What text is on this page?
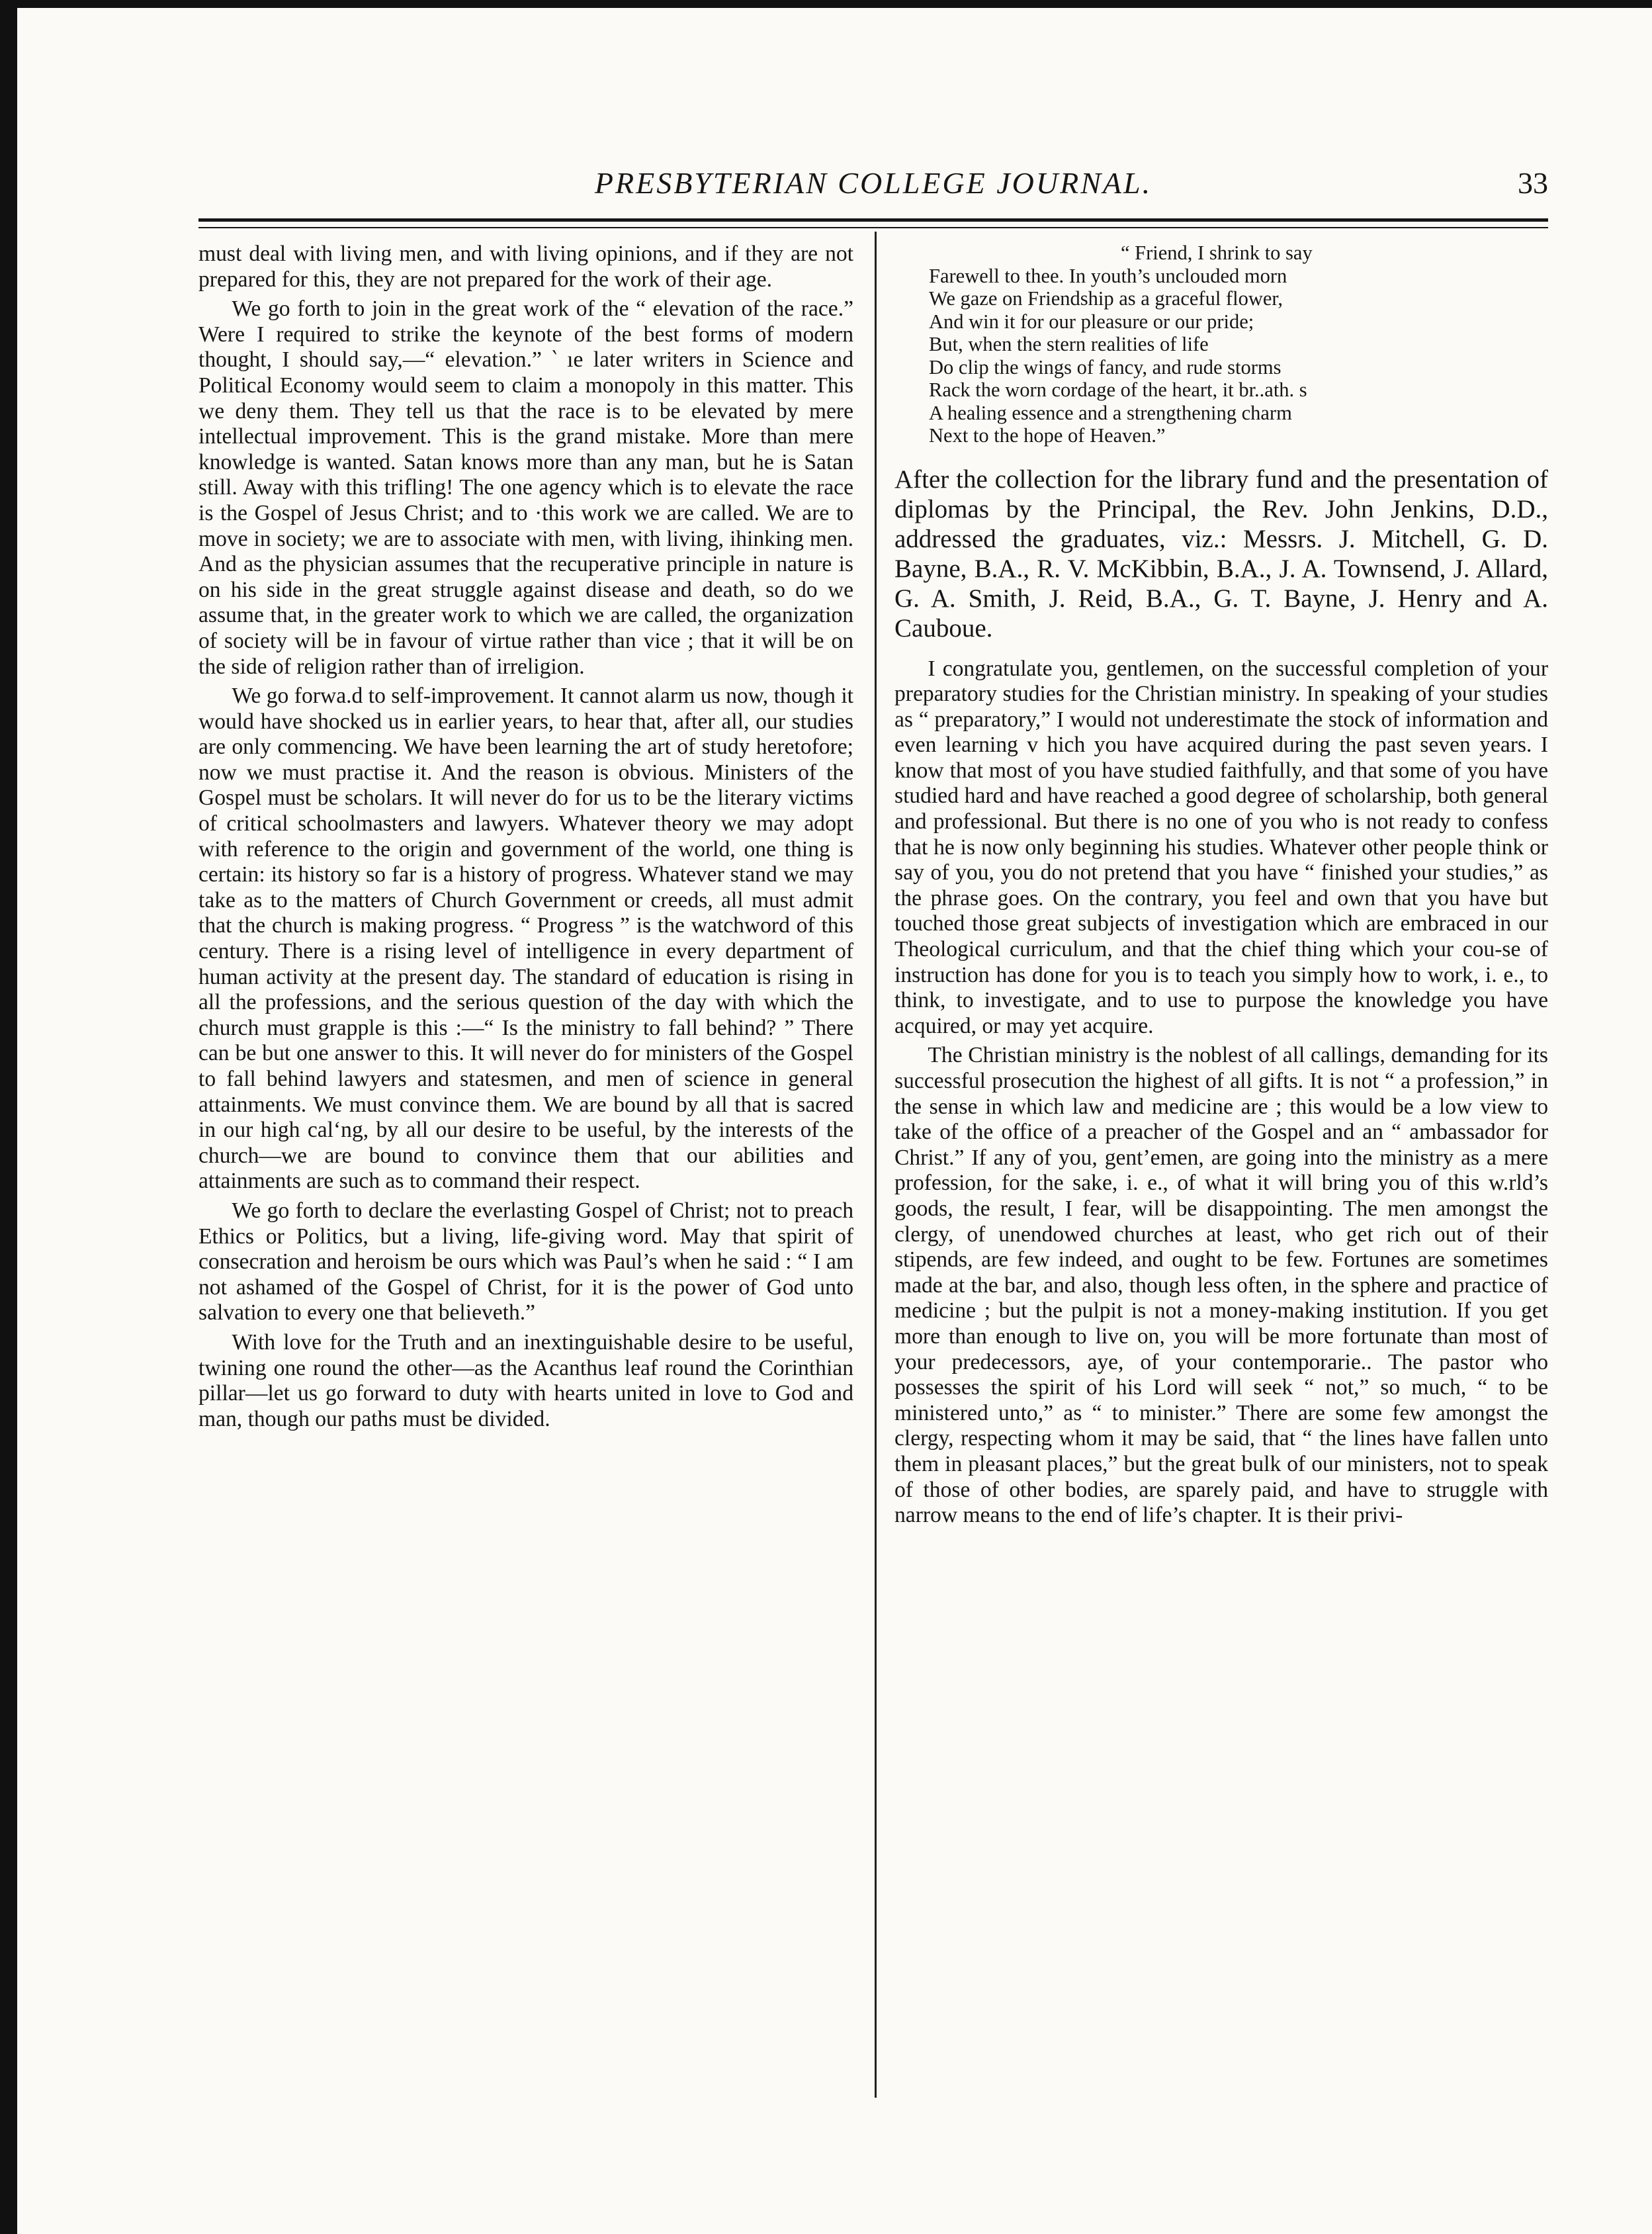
PRESBYTERIAN COLLEGE JOURNAL.	33

must deal with living men, and with living opinions, and if they are not prepared for this, they are not prepared for the work of their age.

We go forth to join in the great work of the “ elevation of the race.” Were I required to strike the keynote of the best forms of modern thought, I should say,—“ elevation.” ‵ ıe later writers in Science and Political Economy would seem to claim a monopoly in this matter. This we deny them. They tell us that the race is to be elevated by mere intellectual improvement. This is the grand mistake. More than mere knowledge is wanted. Satan knows more than any man, but he is Satan still. Away with this trifling! The one agency which is to elevate the race is the Gospel of Jesus Christ; and to ·this work we are called. We are to move in society; we are to associate with men, with living, ihinking men. And as the physician assumes that the recuperative principle in nature is on his side in the great struggle against disease and death, so do we assume that, in the greater work to which we are called, the organization of society will be in favour of virtue rather than vice ; that it will be on the side of religion rather than of irreligion.

We go forwa.d to self-improvement. It cannot alarm us now, though it would have shocked us in earlier years, to hear that, after all, our studies are only commencing. We have been learning the art of study heretofore; now we must practise it. And the reason is obvious. Ministers of the Gospel must be scholars. It will never do for us to be the literary victims of critical schoolmasters and lawyers. Whatever theory we may adopt with reference to the origin and government of the world, one thing is certain: its history so far is a history of progress. Whatever stand we may take as to the matters of Church Government or creeds, all must admit that the church is making progress. “ Progress ” is the watchword of this century. There is a rising level of intelligence in every department of human activity at the present day. The standard of education is rising in all the professions, and the serious question of the day with which the church must grapple is this :—“ Is the ministry to fall behind? ” There can be but one answer to this. It will never do for ministers of the Gospel to fall behind lawyers and statesmen, and men of science in general attainments. We must convince them. We are bound by all that is sacred in our high cal‘ng, by all our desire to be useful, by the interests of the church—we are bound to convince them that our abilities and attainments are such as to command their respect.

We go forth to declare the everlasting Gospel of Christ; not to preach Ethics or Politics, but a living, life-giving word. May that spirit of consecration and heroism be ours which was Paul’s when he said : “ I am not ashamed of the Gospel of Christ, for it is the power of God unto salvation to every one that believeth.”

With love for the Truth and an inextinguishable desire to be useful, twining one round the other—as the Acanthus leaf round the Corinthian pillar—let us go forward to duty with hearts united in love to God and man, though our paths must be divided.

“ Friend, I shrink to say
Farewell to thee. In youth’s unclouded morn
We gaze on Friendship as a graceful flower,
And win it for our pleasure or our pride;
But, when the stern realities of life
Do clip the wings of fancy, and rude storms
Rack the worn cordage of the heart, it br..ath. s
A healing essence and a strengthening charm
Next to the hope of Heaven.”

After the collection for the library fund and the presentation of diplomas by the Principal, the Rev. John Jenkins, D.D., addressed the graduates, viz.: Messrs. J. Mitchell, G. D. Bayne, B.A., R. V. McKibbin, B.A., J. A. Townsend, J. Allard, G. A. Smith, J. Reid, B.A., G. T. Bayne, J. Henry and A. Cauboue.

I congratulate you, gentlemen, on the successful completion of your preparatory studies for the Christian ministry. In speaking of your studies as “ preparatory,” I would not underestimate the stock of information and even learning v hich you have acquired during the past seven years. I know that most of you have studied faithfully, and that some of you have studied hard and have reached a good degree of scholarship, both general and professional. But there is no one of you who is not ready to confess that he is now only beginning his studies. Whatever other people think or say of you, you do not pretend that you have “ finished your studies,” as the phrase goes. On the contrary, you feel and own that you have but touched those great subjects of investigation which are embraced in our Theological curriculum, and that the chief thing which your cou-se of instruction has done for you is to teach you simply how to work, i. e., to think, to investigate, and to use to purpose the knowledge you have acquired, or may yet acquire.

The Christian ministry is the noblest of all callings, demanding for its successful prosecution the highest of all gifts. It is not “ a profession,” in the sense in which law and medicine are ; this would be a low view to take of the office of a preacher of the Gospel and an “ ambassador for Christ.” If any of you, gent’emen, are going into the ministry as a mere profession, for the sake, i. e., of what it will bring you of this w.rld’s goods, the result, I fear, will be disappointing. The men amongst the clergy, of unendowed churches at least, who get rich out of their stipends, are few indeed, and ought to be few. Fortunes are sometimes made at the bar, and also, though less often, in the sphere and practice of medicine ; but the pulpit is not a money-making institution. If you get more than enough to live on, you will be more fortunate than most of your predecessors, aye, of your contemporarie.. The pastor who possesses the spirit of his Lord will seek “ not,” so much, “ to be ministered unto,” as “ to minister.” There are some few amongst the clergy, respecting whom it may be said, that “ the lines have fallen unto them in pleasant places,” but the great bulk of our ministers, not to speak of those of other bodies, are sparely paid, and have to struggle with narrow means to the end of life’s chapter. It is their privi-
